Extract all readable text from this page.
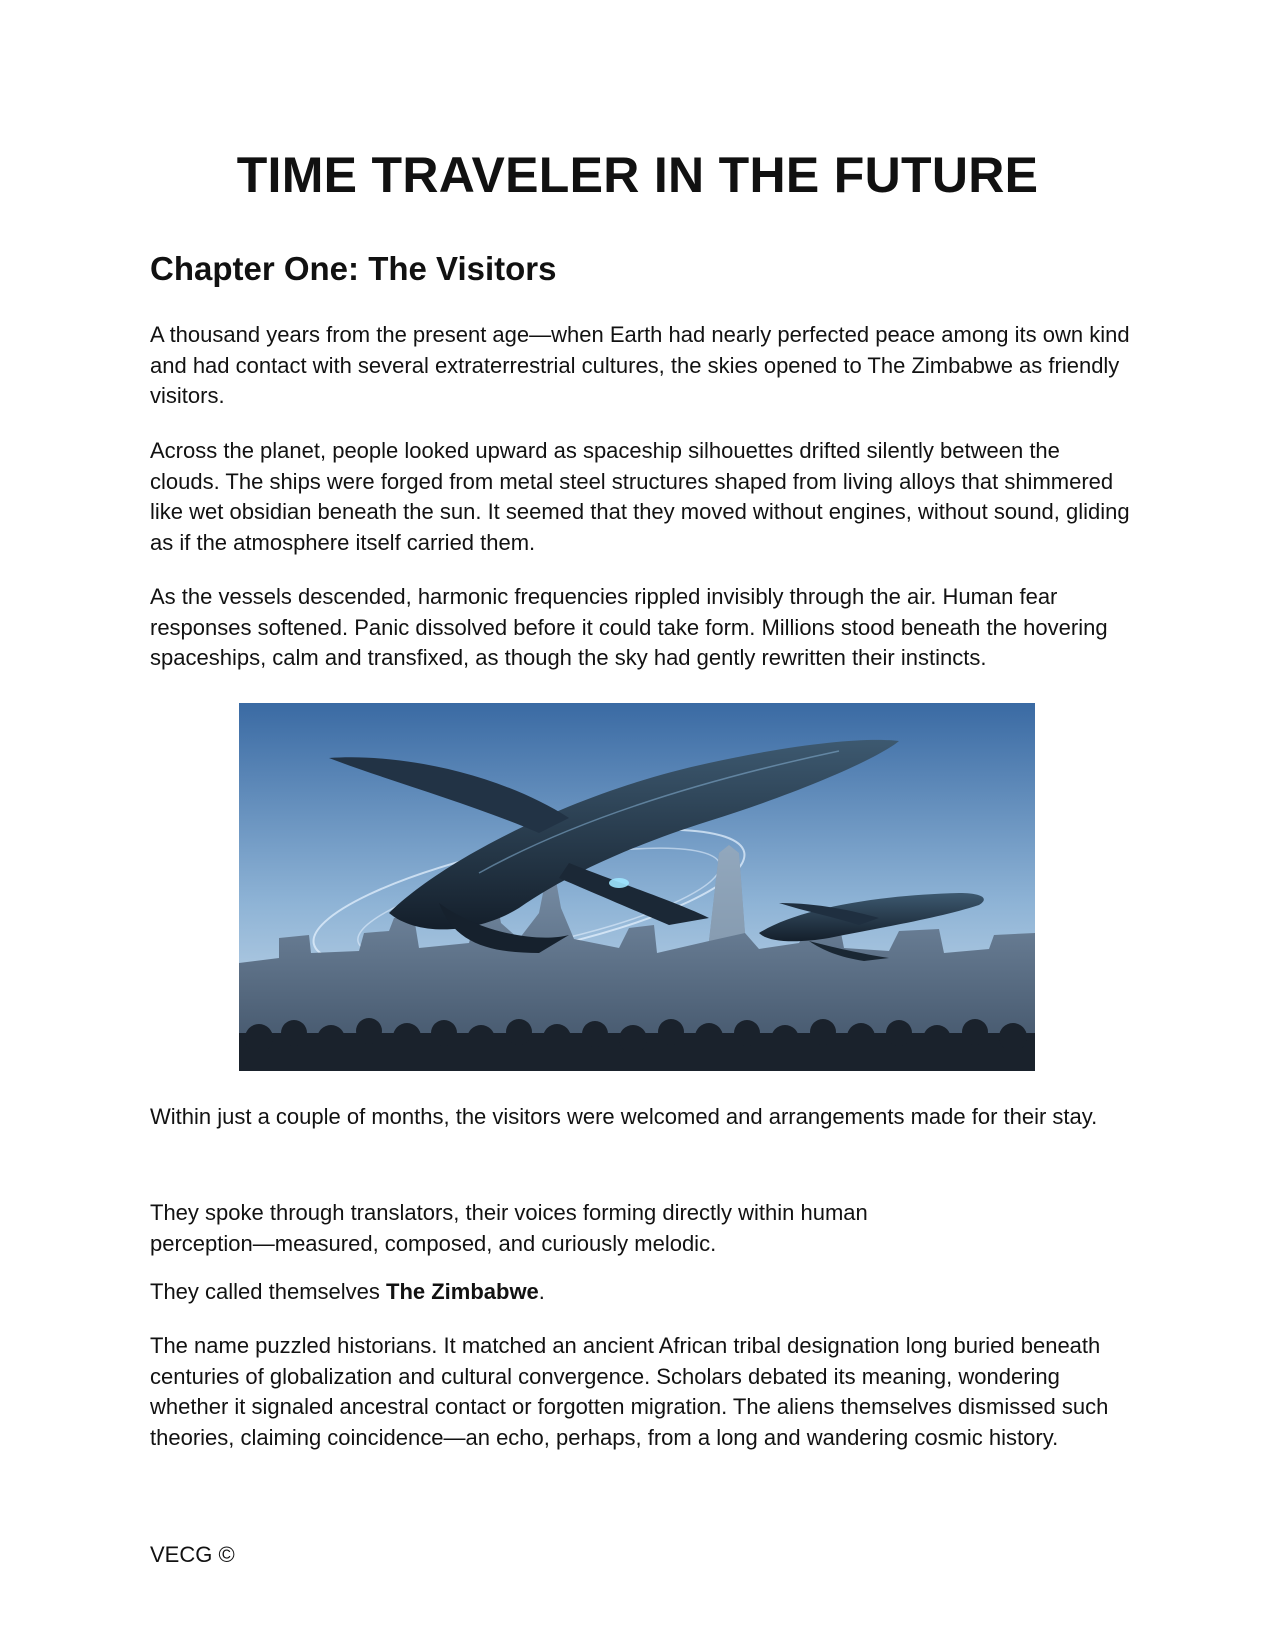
TIME TRAVELER IN THE FUTURE
Chapter One: The Visitors

A thousand years from the present age—when Earth had nearly perfected peace among its own kind and had contact with several extraterrestrial cultures, the skies opened to The Zimbabwe as friendly visitors.

Across the planet, people looked upward as spaceship silhouettes drifted silently between the clouds. The ships were forged from metal steel structures shaped from living alloys that shimmered like wet obsidian beneath the sun. It seemed that they moved without engines, without sound, gliding as if the atmosphere itself carried them.

As the vessels descended, harmonic frequencies rippled invisibly through the air. Human fear responses softened. Panic dissolved before it could take form. Millions stood beneath the hovering spaceships, calm and transfixed, as though the sky had gently rewritten their instincts.

Within just a couple of months, the visitors were welcomed and arrangements made for their stay.

They spoke through translators, their voices forming directly within human perception—measured, composed, and curiously melodic.

They called themselves The Zimbabwe.

The name puzzled historians. It matched an ancient African tribal designation long buried beneath centuries of globalization and cultural convergence. Scholars debated its meaning, wondering whether it signaled ancestral contact or forgotten migration. The aliens themselves dismissed such theories, claiming coincidence—an echo, perhaps, from a long and wandering cosmic history.

VECG ©
